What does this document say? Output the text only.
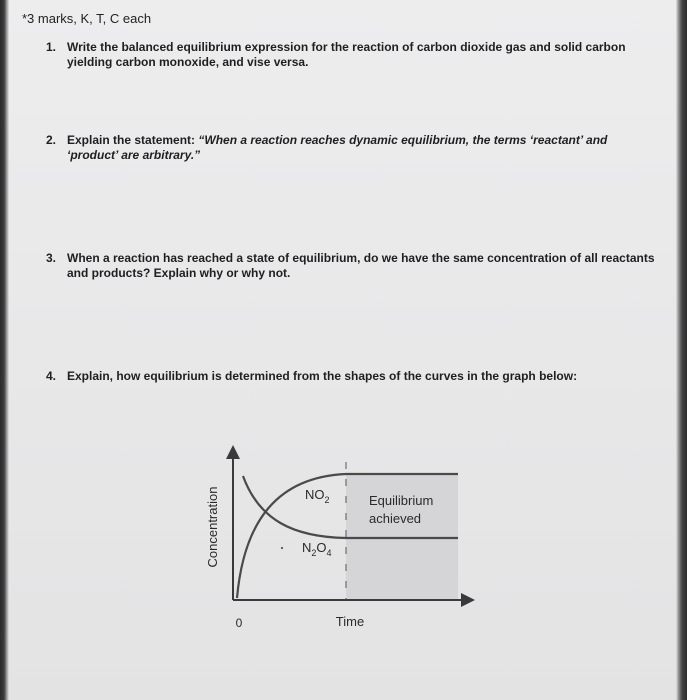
*3 marks, K, T, C each
1. Write the balanced equilibrium expression for the reaction of carbon dioxide gas and solid carbon yielding carbon monoxide, and vise versa.
2. Explain the statement: “When a reaction reaches dynamic equilibrium, the terms ‘reactant’ and ‘product’ are arbitrary.”
3. When a reaction has reached a state of equilibrium, do we have the same concentration of all reactants and products? Explain why or why not.
4. Explain, how equilibrium is determined from the shapes of the curves in the graph below:
Concentration	$NO_2$
$N_2O_4$
Equilibrium
achieved
0	Time
